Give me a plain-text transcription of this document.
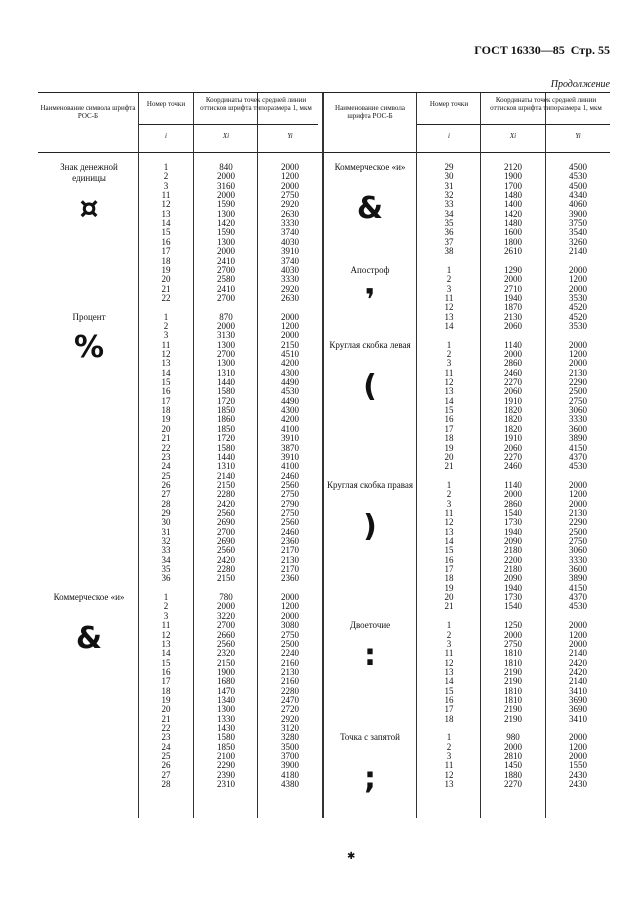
ГОСТ 16330—85 Стр. 55
Продолжение
Наименование символа шрифта РОС-Б
Номер точки	Координаты точек средней линии оттисков шрифта типоразмера 1, мкм
i	Xi	Yi
Наименование символа шрифта РОС-Б
Номер точки	Координаты точек средней линии оттисков шрифта типоразмера 1, мкм
i	Xi	Yi
Коммерческое «и»
&
29	2120	4500
30	1900	4530
31	1700	4500
32	1480	4340
33	1400	4060
34	1420	3900
35	1480	3750
36	1600	3540
37	1800	3260
38	2610	2140
Апостроф
❜
1	1290	2000
2	2000	1200
3	2710	2000
11	1940	3530
12	1870	4520
13	2130	4520
14	2060	3530
Круглая скобка левая
(
1	1140	2000
2	2000	1200
3	2860	2000
11	2460	2130
12	2270	2290
13	2060	2500
14	1910	2750
15	1820	3060
16	1820	3330
17	1820	3600
18	1910	3890
19	2060	4150
20	2270	4370
21	2460	4530
Круглая скобка правая
)
1	1140	2000
2	2000	1200
3	2860	2000
11	1540	2130
12	1730	2290
13	1940	2500
14	2090	2750
15	2180	3060
16	2200	3330
17	2180	3600
18	2090	3890
19	1940	4150
20	1730	4370
21	1540	4530
Двоеточие
:
1	1250	2000
2	2000	1200
3	2750	2000
11	1810	2140
12	1810	2420
13	2190	2420
14	2190	2140
15	1810	3410
16	1810	3690
17	2190	3690
18	2190	3410
Точка с запятой
;
1	980	2000
2	2000	1200
3	2810	2000
11	1450	1550
12	1880	2430
13	2270	2430
Знак денежной единицы
¤
1	840	2000
2	2000	1200
3	3160	2000
11	2000	2750
12	1590	2920
13	1300	2630
14	1420	3330
15	1590	3740
16	1300	4030
17	2000	3910
18	2410	3740
19	2700	4030
20	2580	3330
21	2410	2920
22	2700	2630
Процент
%
1	870	2000
2	2000	1200
3	3130	2000
11	1300	2150
12	2700	4510
13	1300	4200
14	1310	4300
15	1440	4490
16	1580	4530
17	1720	4490
18	1850	4300
19	1860	4200
20	1850	4100
21	1720	3910
22	1580	3870
23	1440	3910
24	1310	4100
25	2140	2460
26	2150	2560
27	2280	2750
28	2420	2790
29	2560	2750
30	2690	2560
31	2700	2460
32	2690	2360
33	2560	2170
34	2420	2130
35	2280	2170
36	2150	2360
Коммерческое «и»
&
1	780	2000
2	2000	1200
3	3220	2000
11	2700	3080
12	2660	2750
13	2560	2500
14	2320	2240
15	2150	2160
16	1900	2130
17	1680	2160
18	1470	2280
19	1340	2470
20	1300	2720
21	1330	2920
22	1430	3120
23	1580	3280
24	1850	3500
25	2100	3700
26	2290	3900
27	2390	4180
28	2310	4380
✱
